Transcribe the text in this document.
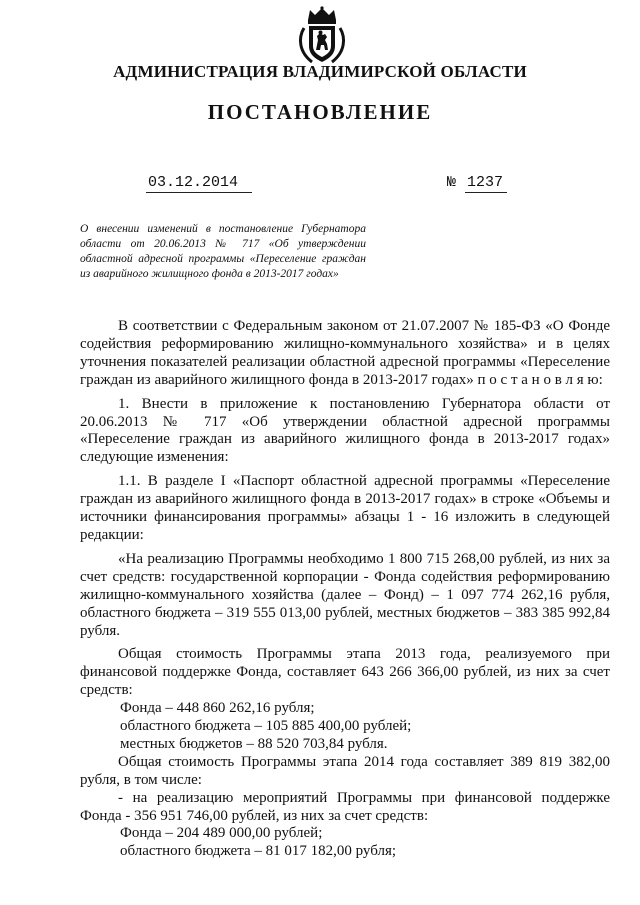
АДМИНИСТРАЦИЯ ВЛАДИМИРСКОЙ ОБЛАСТИ
ПОСТАНОВЛЕНИЕ
03.12.2014	№ 1237
О внесении изменений в постановление Губернатора области от 20.06.2013 № 717 «Об утверждении областной адресной программы «Переселение граждан из аварийного жилищного фонда в 2013-2017 годах»

В соответствии с Федеральным законом от 21.07.2007 № 185-ФЗ «О Фонде содействия реформированию жилищно-коммунального хозяйства» и в целях уточнения показателей реализации областной адресной программы «Переселение граждан из аварийного жилищного фонда в 2013-2017 годах» п о с т а н о в л я ю:

1. Внести в приложение к постановлению Губернатора области от 20.06.2013 № 717 «Об утверждении областной адресной программы «Переселение граждан из аварийного жилищного фонда в 2013-2017 годах» следующие изменения:

1.1. В разделе I «Паспорт областной адресной программы «Переселение граждан из аварийного жилищного фонда в 2013-2017 годах» в строке «Объемы и источники финансирования программы» абзацы 1 - 16 изложить в следующей редакции:

«На реализацию Программы необходимо 1 800 715 268,00 рублей, из них за счет средств: государственной корпорации - Фонда содействия реформированию жилищно-коммунального хозяйства (далее – Фонд) – 1 097 774 262,16 рубля, областного бюджета – 319 555 013,00 рублей, местных бюджетов – 383 385 992,84 рубля.

Общая стоимость Программы этапа 2013 года, реализуемого при финансовой поддержке Фонда, составляет 643 266 366,00 рублей, из них за счет средств:

Фонда – 448 860 262,16 рубля;

областного бюджета – 105 885 400,00 рублей;

местных бюджетов – 88 520 703,84 рубля.

Общая стоимость Программы этапа 2014 года составляет 389 819 382,00 рубля, в том числе:

- на реализацию мероприятий Программы при финансовой поддержке Фонда - 356 951 746,00 рублей, из них за счет средств:

Фонда – 204 489 000,00 рублей;

областного бюджета – 81 017 182,00 рубля;
